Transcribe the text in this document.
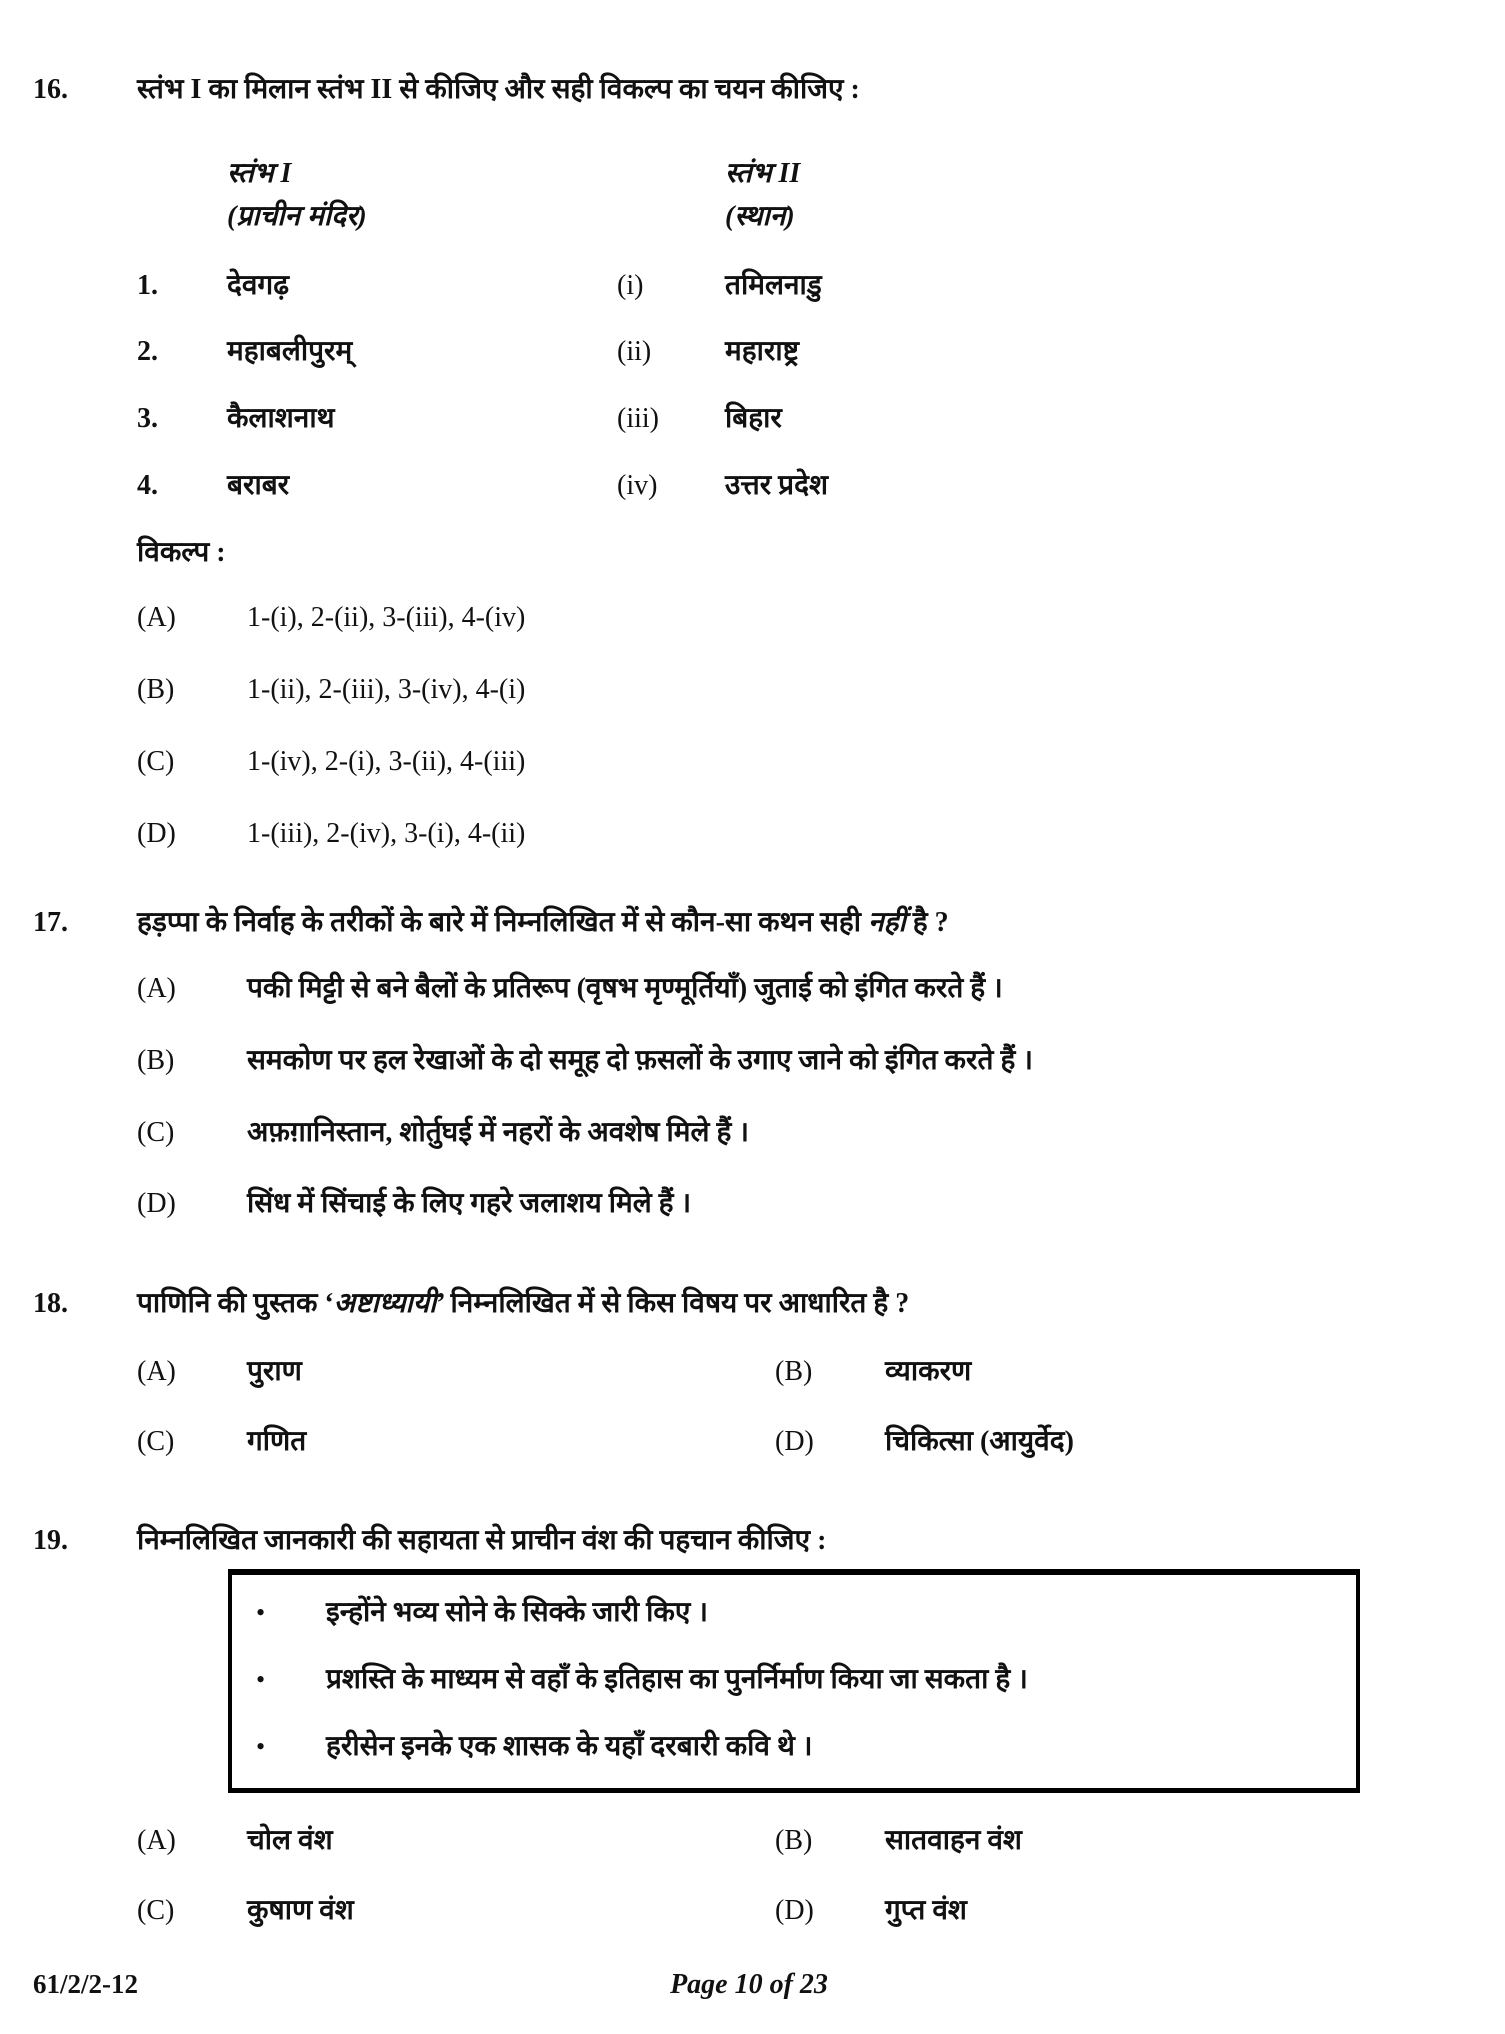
16.	स्तंभ I का मिलान स्तंभ II से कीजिए और सही विकल्प का चयन कीजिए :
स्तंभ I
(प्राचीन मंदिर)
स्तंभ II
(स्थान)
1.	देवगढ़	(i)	तमिलनाडु
2.	महाबलीपुरम्	(ii)	महाराष्ट्र
3.	कैलाशनाथ	(iii)	बिहार
4.	बराबर	(iv)	उत्तर प्रदेश
विकल्प :
(A)	1-(i), 2-(ii), 3-(iii), 4-(iv)
(B)	1-(ii), 2-(iii), 3-(iv), 4-(i)
(C)	1-(iv), 2-(i), 3-(ii), 4-(iii)
(D)	1-(iii), 2-(iv), 3-(i), 4-(ii)
17.	हड़प्पा के निर्वाह के तरीकों के बारे में निम्नलिखित में से कौन-सा कथन सही नहीं है ?
(A)	पकी मिट्टी से बने बैलों के प्रतिरूप (वृषभ मृण्मूर्तियाँ) जुताई को इंगित करते हैं ।
(B)	समकोण पर हल रेखाओं के दो समूह दो फ़सलों के उगाए जाने को इंगित करते हैं ।
(C)	अफ़ग़ानिस्तान, शोर्तुघई में नहरों के अवशेष मिले हैं ।
(D)	सिंध में सिंचाई के लिए गहरे जलाशय मिले हैं ।
18.	पाणिनि की पुस्तक ‘अष्टाध्यायी’ निम्नलिखित में से किस विषय पर आधारित है ?
(A)	पुराण	(B)	व्याकरण
(C)	गणित	(D)	चिकित्सा (आयुर्वेद)
19.	निम्नलिखित जानकारी की सहायता से प्राचीन वंश की पहचान कीजिए :
•	इन्होंने भव्य सोने के सिक्के जारी किए ।
•	प्रशस्ति के माध्यम से वहाँ के इतिहास का पुनर्निर्माण किया जा सकता है ।
•	हरीसेन इनके एक शासक के यहाँ दरबारी कवि थे ।
(A)	चोल वंश	(B)	सातवाहन वंश
(C)	कुषाण वंश	(D)	गुप्त वंश
61/2/2-12	Page 10 of 23
